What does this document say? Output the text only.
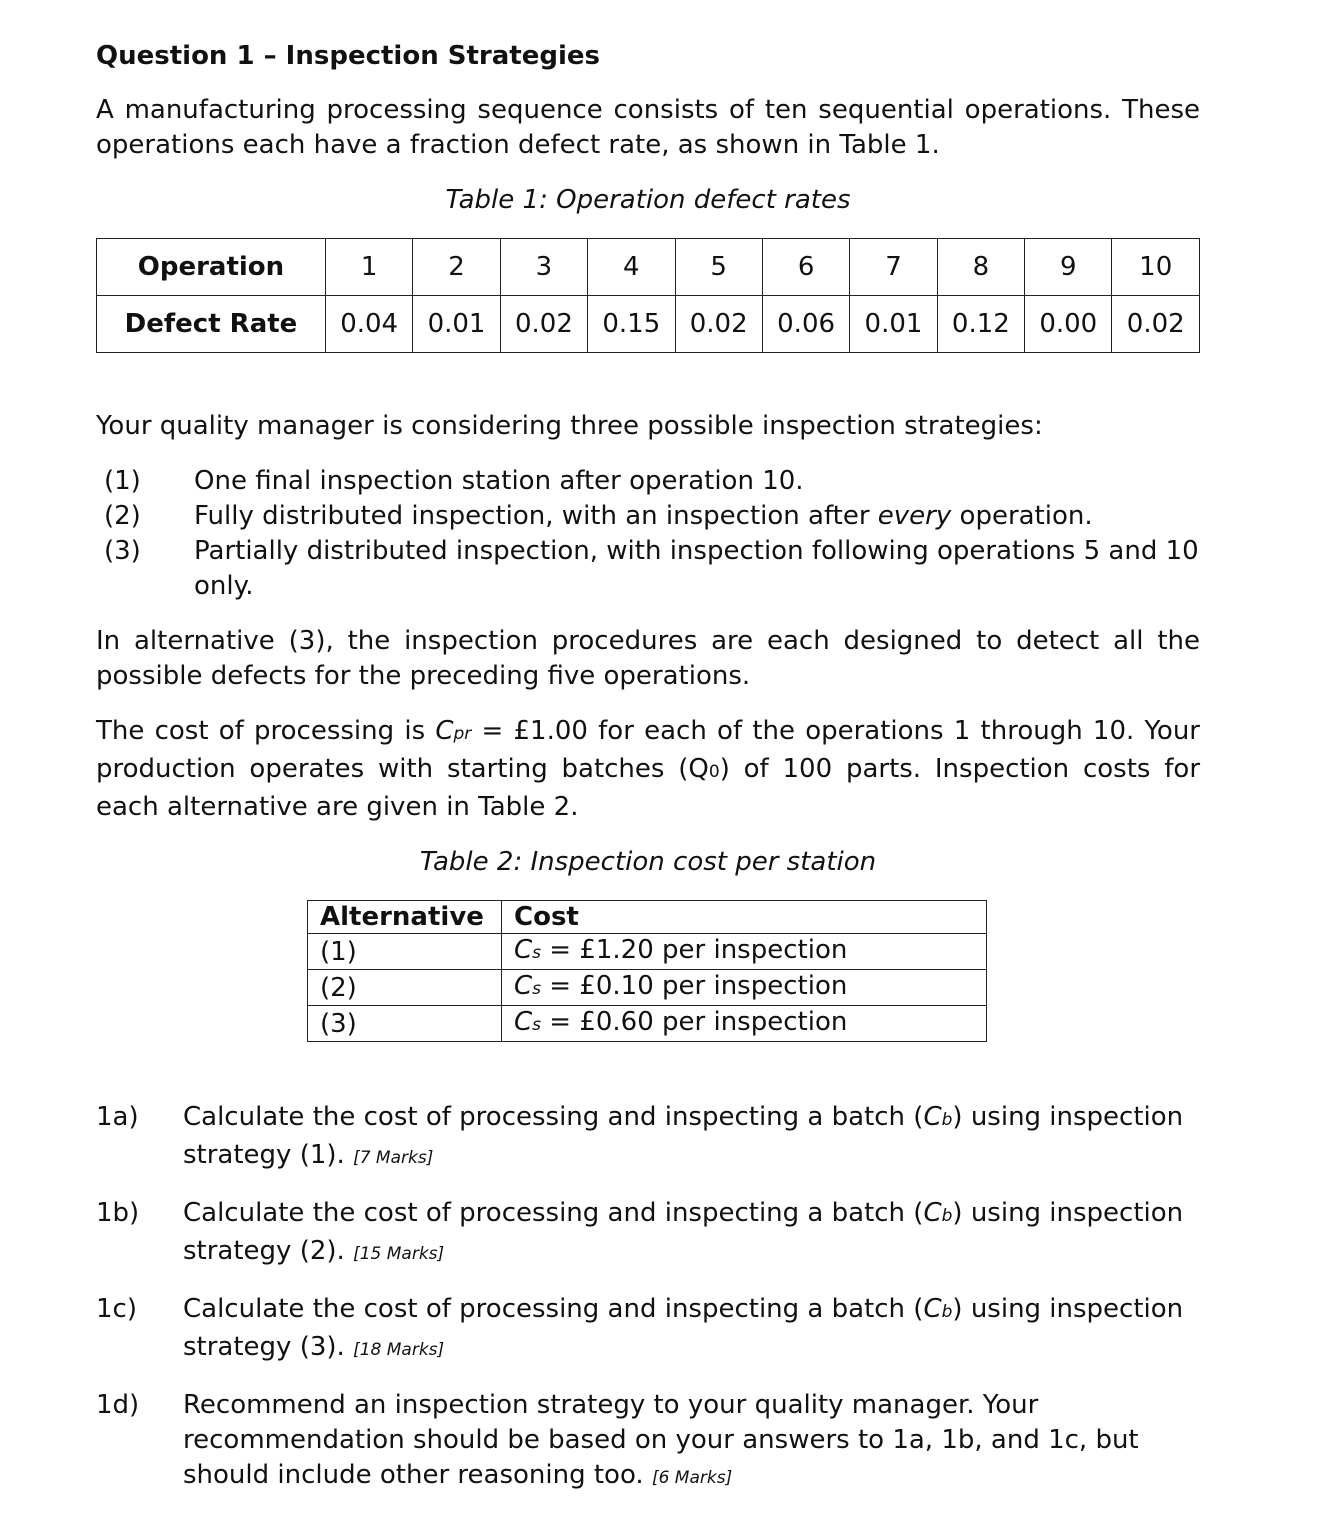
Question 1 – Inspection Strategies

A manufacturing processing sequence consists of ten sequential operations. These operations each have a fraction defect rate, as shown in Table 1.

Table 1: Operation defect rates
Operation	1	2	3	4	5	6	7	8	9	10
Defect Rate	0.04	0.01	0.02	0.15	0.02	0.06	0.01	0.12	0.00	0.02

Your quality manager is considering three possible inspection strategies:

(1)	One final inspection station after operation 10.
(2)	Fully distributed inspection, with an inspection after every operation.
(3)	Partially distributed inspection, with inspection following operations 5 and 10 only.

In alternative (3), the inspection procedures are each designed to detect all the possible defects for the preceding five operations.

The cost of processing is Cpr = £1.00 for each of the operations 1 through 10. Your production operates with starting batches (Q0) of 100 parts. Inspection costs for each alternative are given in Table 2.

Table 2: Inspection cost per station
Alternative	Cost
(1)	Cs = £1.20 per inspection
(2)	Cs = £0.10 per inspection
(3)	Cs = £0.60 per inspection
1a)	Calculate the cost of processing and inspecting a batch (Cb) using inspection strategy (1). [7 Marks]
1b)	Calculate the cost of processing and inspecting a batch (Cb) using inspection strategy (2). [15 Marks]
1c)	Calculate the cost of processing and inspecting a batch (Cb) using inspection strategy (3). [18 Marks]
1d)	Recommend an inspection strategy to your quality manager. Your recommendation should be based on your answers to 1a, 1b, and 1c, but should include other reasoning too. [6 Marks]
